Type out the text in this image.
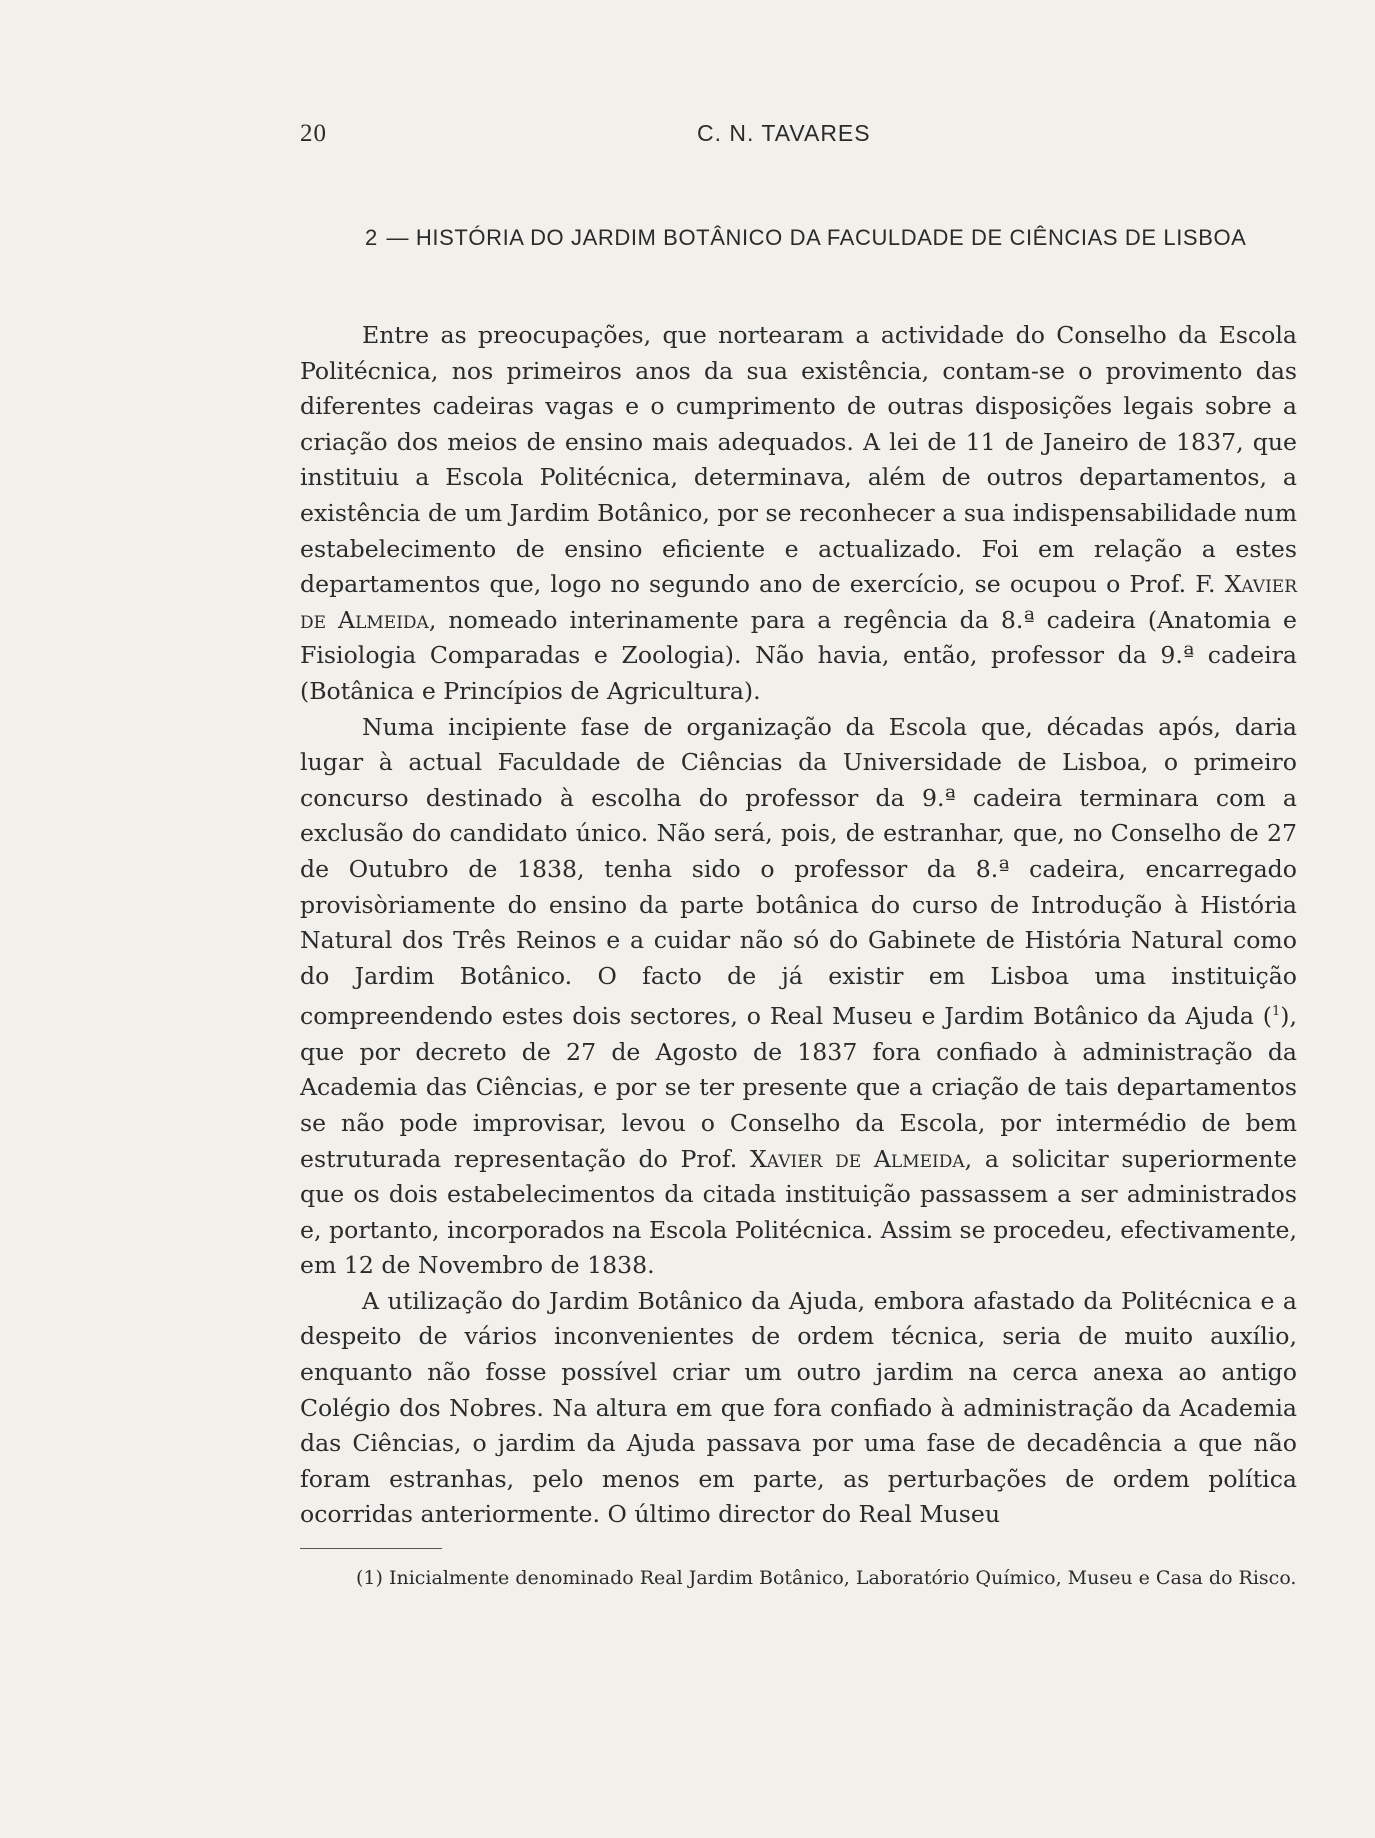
20	C. N. TAVARES
2 — HISTÓRIA DO JARDIM BOTÂNICO DA FACULDADE DE CIÊNCIAS DE LISBOA

Entre as preocupações, que nortearam a actividade do Conselho da Escola Politécnica, nos primeiros anos da sua existência, contam-se o provimento das diferentes cadeiras vagas e o cumprimento de outras disposições legais sobre a criação dos meios de ensino mais adequados. A lei de 11 de Janeiro de 1837, que instituiu a Escola Politécnica, determinava, além de outros departamentos, a existência de um Jardim Botânico, por se reconhecer a sua indispensabilidade num estabelecimento de ensino eficiente e actualizado. Foi em relação a estes departamentos que, logo no segundo ano de exercício, se ocupou o Prof. F. Xavier de Almeida, nomeado interinamente para a regência da 8.ª cadeira (Anatomia e Fisiologia Comparadas e Zoologia). Não havia, então, professor da 9.ª cadeira (Botânica e Princípios de Agricultura).

Numa incipiente fase de organização da Escola que, décadas após, daria lugar à actual Faculdade de Ciências da Universidade de Lisboa, o primeiro concurso destinado à escolha do professor da 9.ª cadeira terminara com a exclusão do candidato único. Não será, pois, de estranhar, que, no Conselho de 27 de Outubro de 1838, tenha sido o professor da 8.ª cadeira, encarregado provisòriamente do ensino da parte botânica do curso de Introdução à História Natural dos Três Reinos e a cuidar não só do Gabinete de História Natural como do Jardim Botânico. O facto de já existir em Lisboa uma instituição compreendendo estes dois sectores, o Real Museu e Jardim Botânico da Ajuda ($^1$), que por decreto de 27 de Agosto de 1837 fora confiado à administração da Academia das Ciências, e por se ter presente que a criação de tais departamentos se não pode improvisar, levou o Conselho da Escola, por intermédio de bem estruturada representação do Prof. Xavier de Almeida, a solicitar superiormente que os dois estabelecimentos da citada instituição passassem a ser administrados e, portanto, incorporados na Escola Politécnica. Assim se procedeu, efectivamente, em 12 de Novembro de 1838.

A utilização do Jardim Botânico da Ajuda, embora afastado da Politécnica e a despeito de vários inconvenientes de ordem técnica, seria de muito auxílio, enquanto não fosse possível criar um outro jardim na cerca anexa ao antigo Colégio dos Nobres. Na altura em que fora confiado à administração da Academia das Ciências, o jardim da Ajuda passava por uma fase de decadência a que não foram estranhas, pelo menos em parte, as perturbações de ordem política ocorridas anteriormente. O último director do Real Museu

(1) Inicialmente denominado Real Jardim Botânico, Laboratório Químico, Museu e Casa do Risco.
